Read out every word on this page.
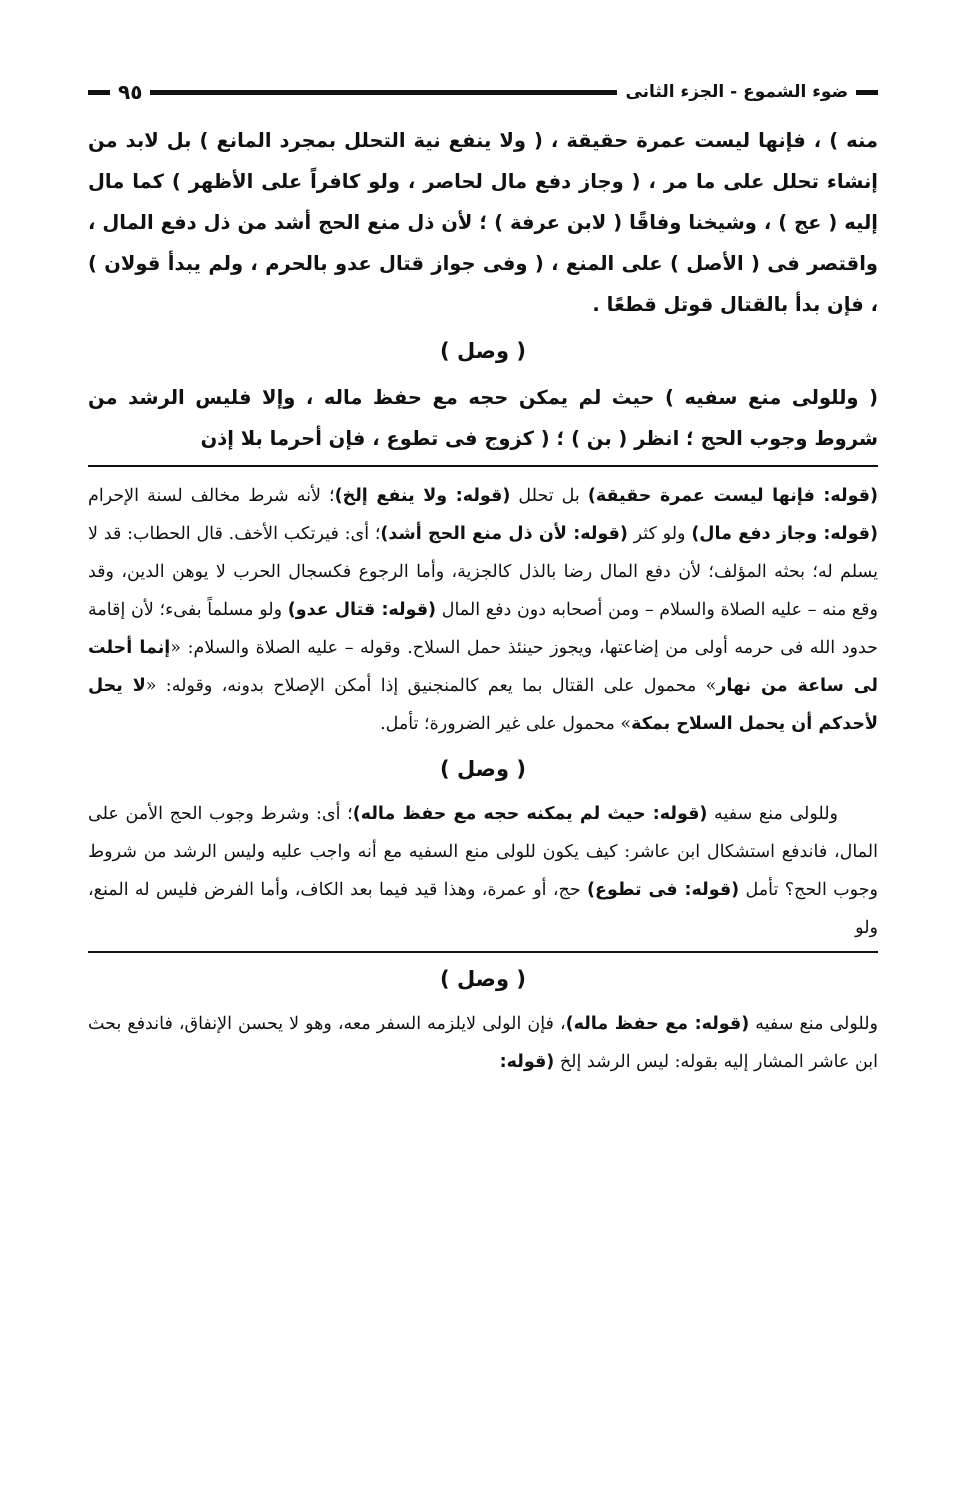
ضوء الشموع - الجزء الثانى
٩٥

منه ) ، فإنها ليست عمرة حقيقة ، ( ولا ينفع نية التحلل بمجرد المانع ) بل لابد من إنشاء تحلل على ما مر ، ( وجاز دفع مال لحاصر ، ولو كافراً على الأظهر ) كما مال إليه ( عج ) ، وشيخنا وفاقًا ( لابن عرفة ) ؛ لأن ذل منع الحج أشد من ذل دفع المال ، واقتصر فى ( الأصل ) على المنع ، ( وفى جواز قتال عدو بالحرم ، ولم يبدأ قولان ) ، فإن بدأ بالقتال قوتل قطعًا .

( وصل )

( وللولى منع سفيه ) حيث لم يمكن حجه مع حفظ ماله ، وإلا فليس الرشد من شروط وجوب الحج ؛ انظر ( بن ) ؛ ( كزوج فى تطوع ، فإن أحرما بلا إذن

(قوله: فإنها ليست عمرة حقيقة) بل تحلل (قوله: ولا ينفع إلخ)؛ لأنه شرط مخالف لسنة الإحرام (قوله: وجاز دفع مال) ولو كثر (قوله: لأن ذل منع الحج أشد)؛ أى: فيرتكب الأخف. قال الحطاب: قد لا يسلم له؛ بحثه المؤلف؛ لأن دفع المال رضا بالذل كالجزية، وأما الرجوع فكسجال الحرب لا يوهن الدين، وقد وقع منه – عليه الصلاة والسلام – ومن أصحابه دون دفع المال (قوله: قتال عدو) ولو مسلماً بفىء؛ لأن إقامة حدود الله فى حرمه أولى من إضاعتها، ويجوز حينئذ حمل السلاح. وقوله – عليه الصلاة والسلام: «إنما أحلت لى ساعة من نهار» محمول على القتال بما يعم كالمنجنيق إذا أمكن الإصلاح بدونه، وقوله: «لا يحل لأحدكم أن يحمل السلاح بمكة» محمول على غير الضرورة؛ تأمل.

( وصل )

وللولى منع سفيه (قوله: حيث لم يمكنه حجه مع حفظ ماله)؛ أى: وشرط وجوب الحج الأمن على المال، فاندفع استشكال ابن عاشر: كيف يكون للولى منع السفيه مع أنه واجب عليه وليس الرشد من شروط وجوب الحج؟ تأمل (قوله: فى تطوع) حج، أو عمرة، وهذا قيد فيما بعد الكاف، وأما الفرض فليس له المنع، ولو

( وصل )

وللولى منع سفيه (قوله: مع حفظ ماله)، فإن الولى لايلزمه السفر معه، وهو لا يحسن الإنفاق، فاندفع بحث ابن عاشر المشار إليه بقوله: ليس الرشد إلخ (قوله:
